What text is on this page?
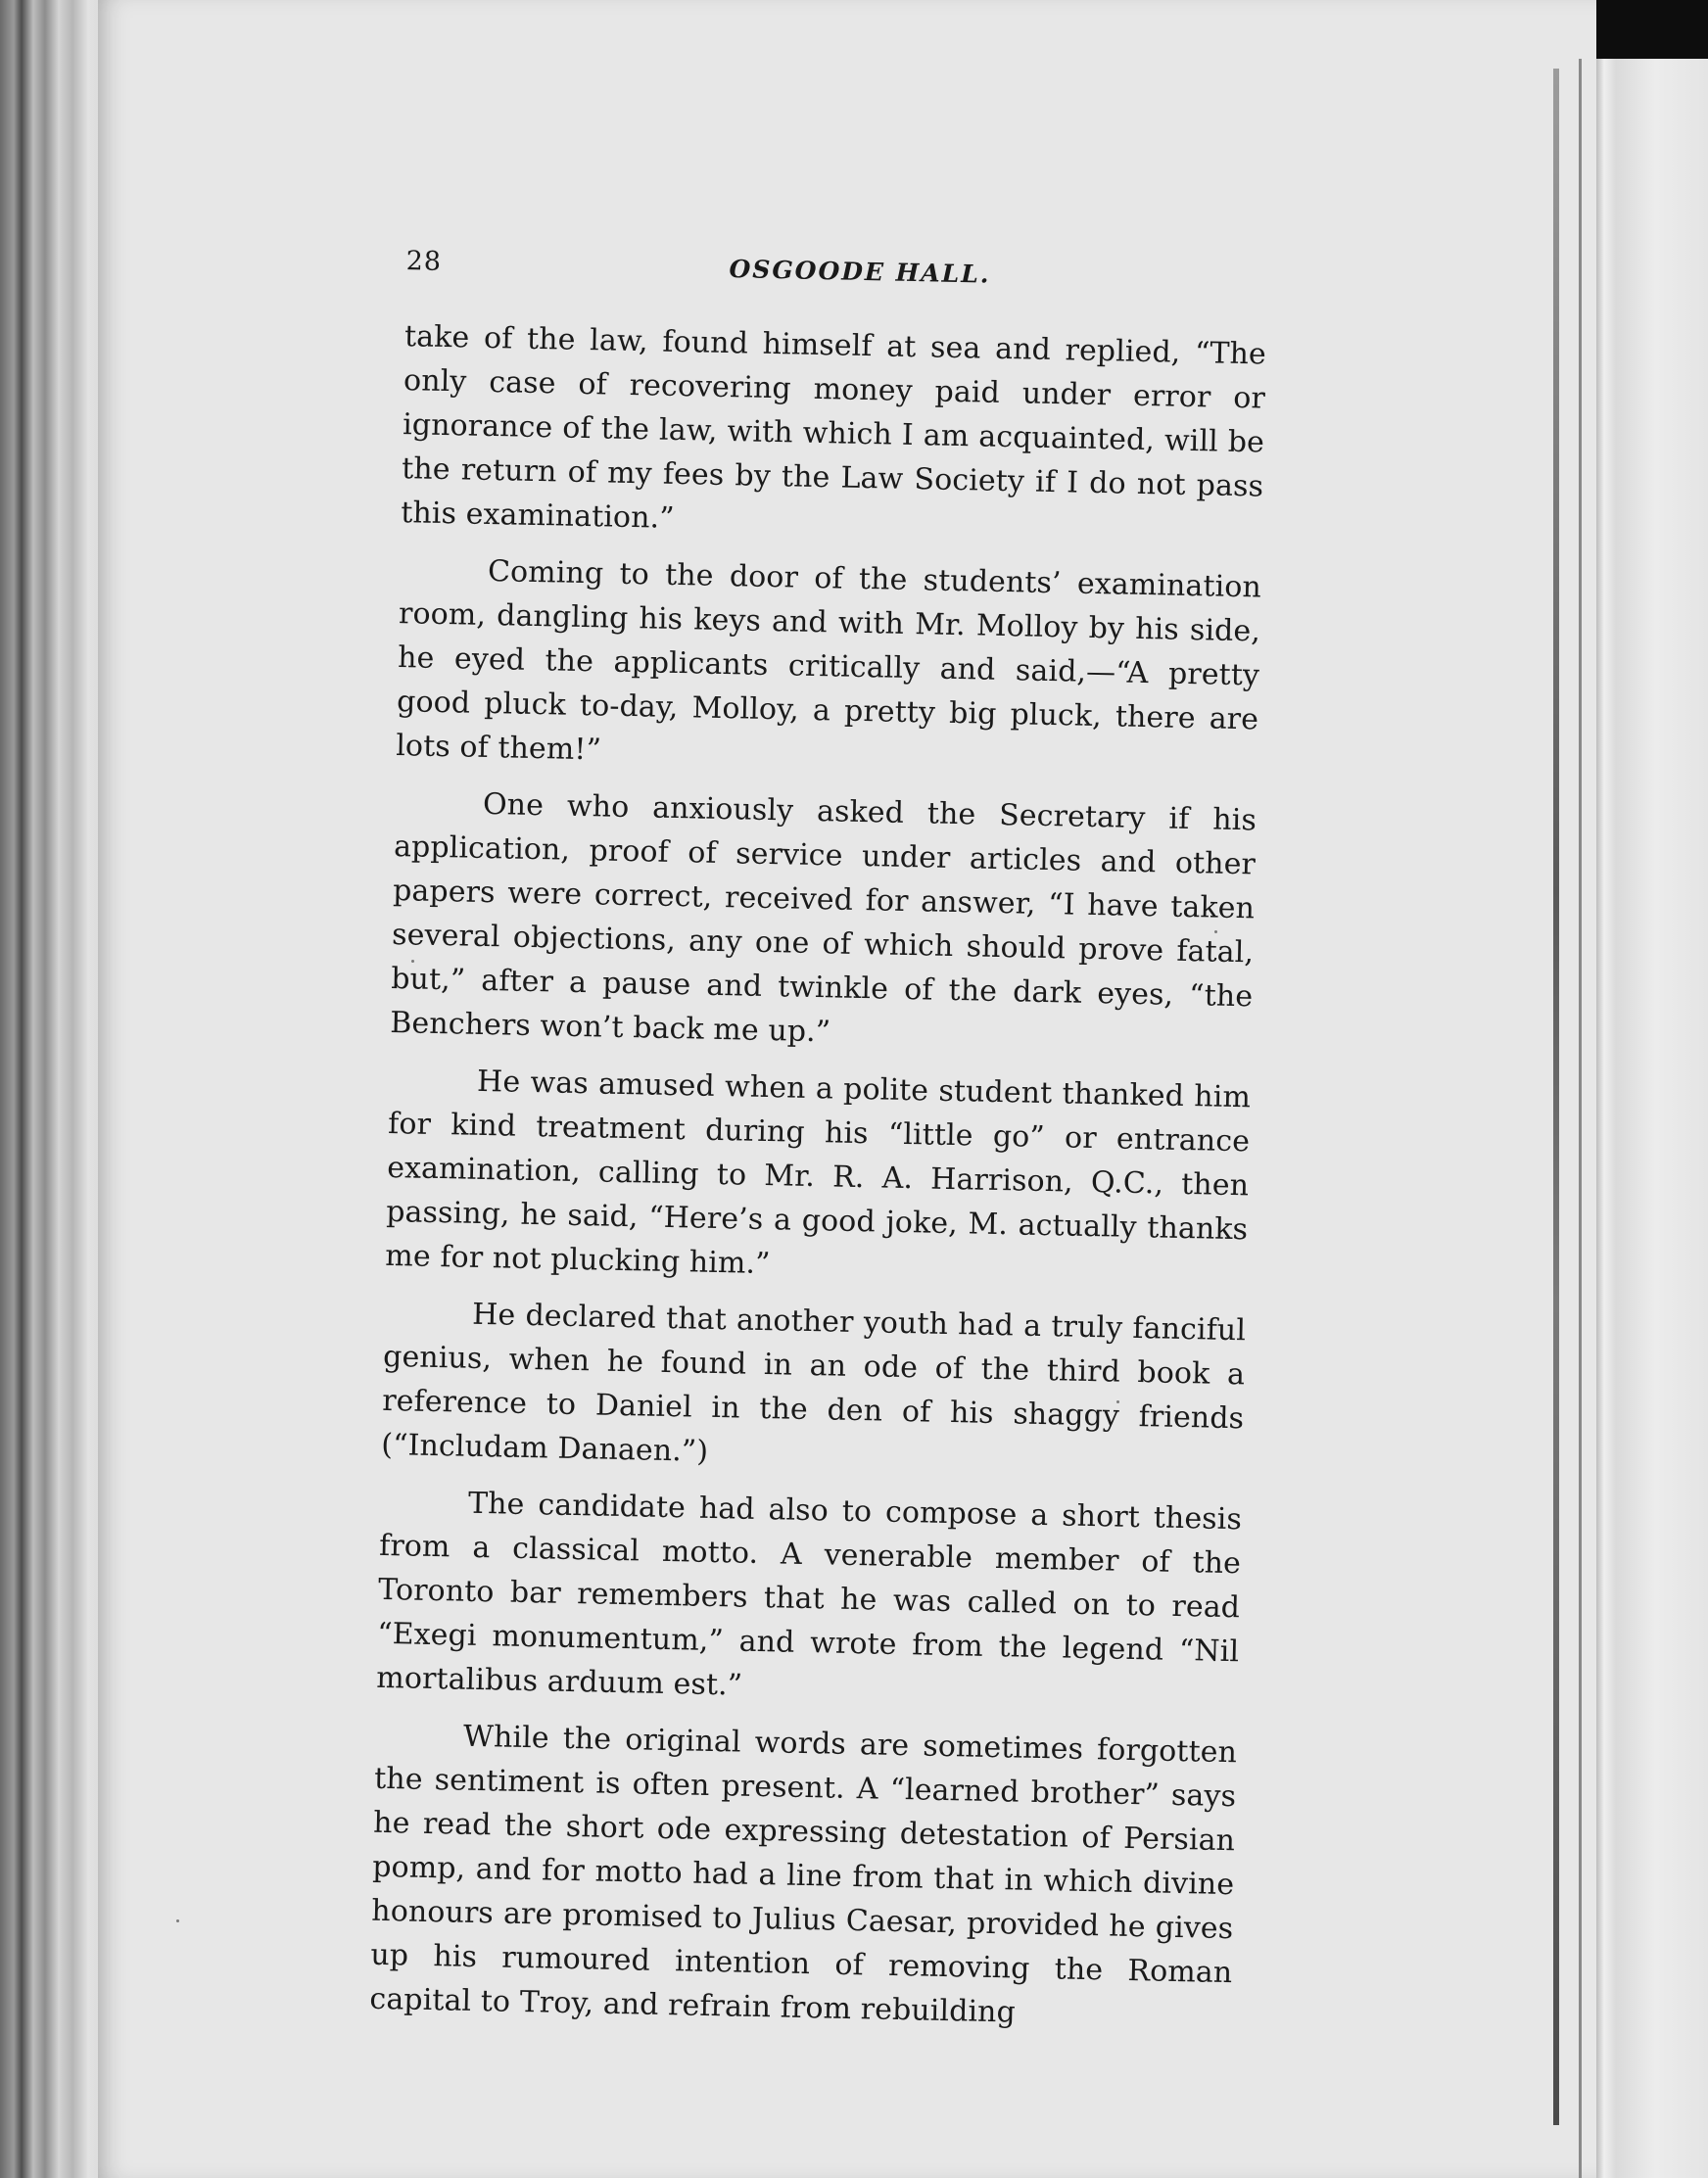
28	OSGOODE HALL.

take of the law, found himself at sea and replied, “The only case of recovering money paid under error or ignorance of the law, with which I am acquainted, will be the return of my fees by the Law Society if I do not pass this examination.”

Coming to the door of the students’ examination room, dangling his keys and with Mr. Molloy by his side, he eyed the applicants critically and said,—“A pretty good pluck to-day, Molloy, a pretty big pluck, there are lots of them!”

One who anxiously asked the Secretary if his application, proof of service under articles and other papers were correct, received for answer, “I have taken several objections, any one of which should prove fatal, but,” after a pause and twinkle of the dark eyes, “the Benchers won’t back me up.”

He was amused when a polite student thanked him for kind treatment during his “little go” or entrance examination, calling to Mr. R. A. Harrison, Q.C., then passing, he said, “Here’s a good joke, M. actually thanks me for not plucking him.”

He declared that another youth had a truly fanciful genius, when he found in an ode of the third book a reference to Daniel in the den of his shaggy friends (“Includam Danaen.”)

The candidate had also to compose a short thesis from a classical motto. A venerable member of the Toronto bar remembers that he was called on to read “Exegi monumentum,” and wrote from the legend “Nil mortalibus arduum est.”

While the original words are sometimes forgotten the sentiment is often present. A “learned brother” says he read the short ode expressing detestation of Persian pomp, and for motto had a line from that in which divine honours are promised to Julius Caesar, provided he gives up his rumoured intention of removing the Roman capital to Troy, and refrain from rebuilding
